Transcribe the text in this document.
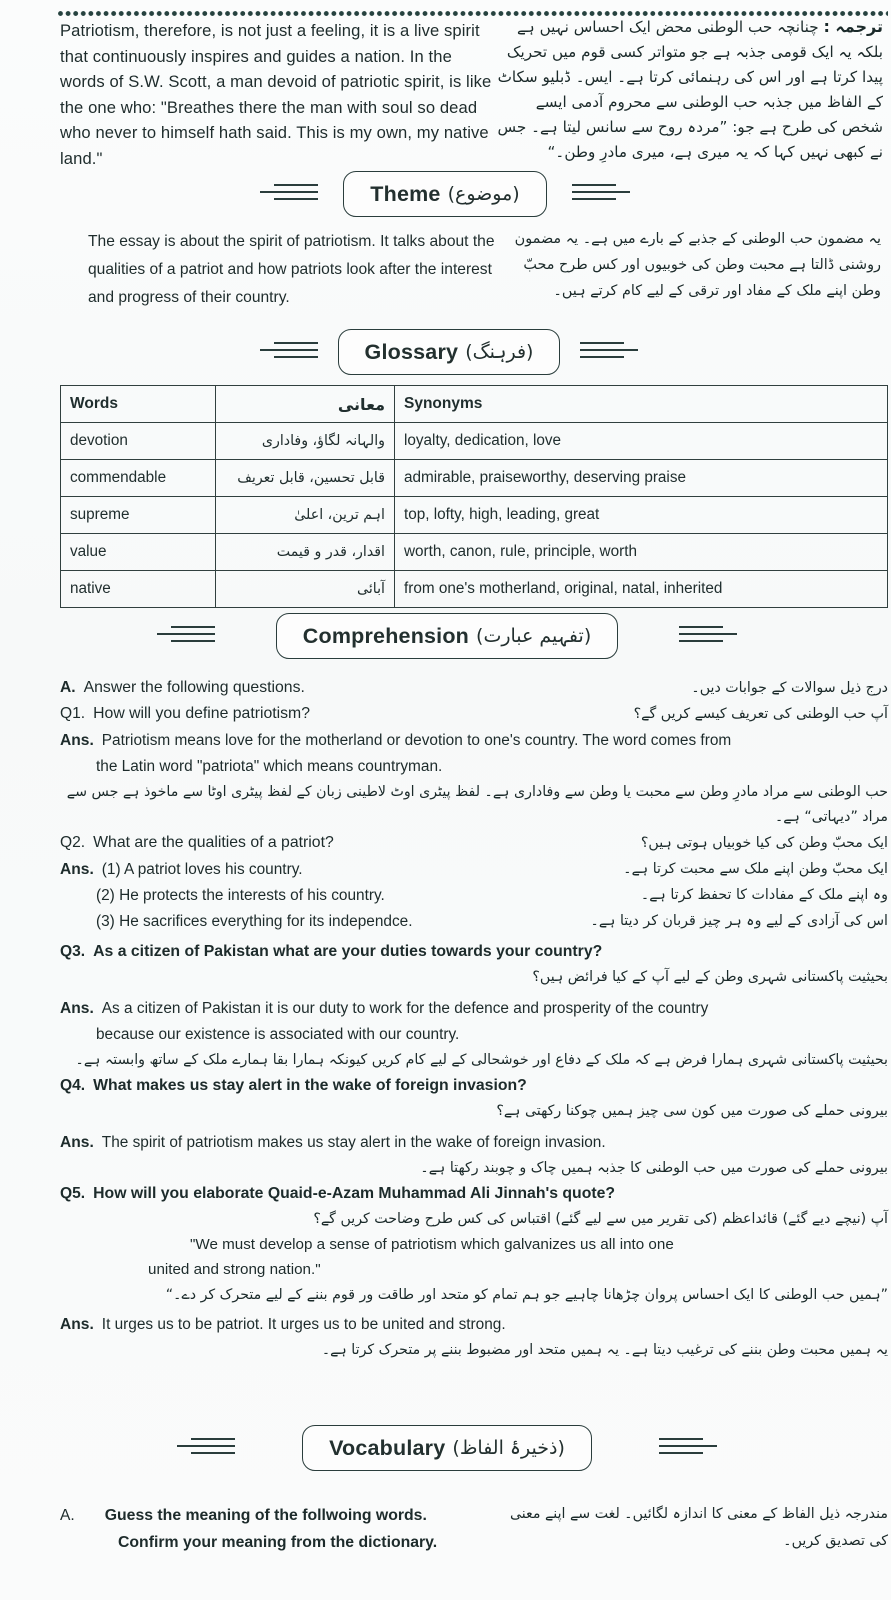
Patriotism, therefore, is not just a feeling, it is a live spirit that continuously inspires and guides a nation. In the words of S.W. Scott, a man devoid of patriotic spirit, is like the one who: "Breathes there the man with soul so dead who never to himself hath said. This is my own, my native land."
ترجمہ : چنانچہ حب الوطنی محض ایک احساس نہیں ہے بلکہ یہ ایک قومی جذبہ ہے جو متواتر کسی قوم میں تحریک پیدا کرتا ہے اور اس کی رہنمائی کرتا ہے۔ ایس۔ ڈبلیو سکاٹ کے الفاظ میں جذبہ حب الوطنی سے محروم آدمی ایسے شخص کی طرح ہے جو: ”مردہ روح سے سانس لیتا ہے۔ جس نے کبھی نہیں کہا کہ یہ میری ہے، میری مادرِ وطن۔“
Theme (موضوع)
The essay is about the spirit of patriotism. It talks about the qualities of a patriot and how patriots look after the interest and progress of their country.
یہ مضمون حب الوطنی کے جذبے کے بارے میں ہے۔ یہ مضمون روشنی ڈالتا ہے محبت وطن کی خوبیوں اور کس طرح محبّ وطن اپنے ملک کے مفاد اور ترقی کے لیے کام کرتے ہیں۔
Glossary (فرہنگ)
Words	معانی	Synonyms
devotion	والہانہ لگاؤ، وفاداری	loyalty, dedication, love
commendable	قابل تحسین، قابل تعریف	admirable, praiseworthy, deserving praise
supreme	اہم ترین، اعلیٰ	top, lofty, high, leading, great
value	اقدار، قدر و قیمت	worth, canon, rule, principle, worth
native	آبائی	from one's motherland, original, natal, inherited
Comprehension (تفہیم عبارت)
A. Answer the following questions.	درج ذیل سوالات کے جوابات دیں۔
Q1. How will you define patriotism?	آپ حب الوطنی کی تعریف کیسے کریں گے؟
Ans. Patriotism means love for the motherland or devotion to one's country. The word comes from
the Latin word "patriota" which means countryman.
حب الوطنی سے مراد مادرِ وطن سے محبت یا وطن سے وفاداری ہے۔ لفظ پیٹری اوٹ لاطینی زبان کے لفظ پیٹری اوٹا سے ماخوذ ہے جس سے مراد ”دیہاتی“ ہے۔
Q2. What are the qualities of a patriot?	ایک محبّ وطن کی کیا خوبیاں ہوتی ہیں؟
Ans. (1) A patriot loves his country.	ایک محبّ وطن اپنے ملک سے محبت کرتا ہے۔
(2) He protects the interests of his country.	وہ اپنے ملک کے مفادات کا تحفظ کرتا ہے۔
(3) He sacrifices everything for its independce.	اس کی آزادی کے لیے وہ ہر چیز قربان کر دیتا ہے۔
Q3. As a citizen of Pakistan what are your duties towards your country?
بحیثیت پاکستانی شہری وطن کے لیے آپ کے کیا فرائض ہیں؟
Ans. As a citizen of Pakistan it is our duty to work for the defence and prosperity of the country
because our existence is associated with our country.
بحیثیت پاکستانی شہری ہمارا فرض ہے کہ ملک کے دفاع اور خوشحالی کے لیے کام کریں کیونکہ ہمارا بقا ہمارے ملک کے ساتھ وابستہ ہے۔
Q4. What makes us stay alert in the wake of foreign invasion?
بیرونی حملے کی صورت میں کون سی چیز ہمیں چوکنا رکھتی ہے؟
Ans. The spirit of patriotism makes us stay alert in the wake of foreign invasion.
بیرونی حملے کی صورت میں حب الوطنی کا جذبہ ہمیں چاک و چوبند رکھتا ہے۔
Q5. How will you elaborate Quaid-e-Azam Muhammad Ali Jinnah's quote?
آپ (نیچے دیے گئے) قائداعظم (کی تقریر میں سے لیے گئے) اقتباس کی کس طرح وضاحت کریں گے؟
"We must develop a sense of patriotism which galvanizes us all into one
united and strong nation."
”ہمیں حب الوطنی کا ایک احساس پروان چڑھانا چاہیے جو ہم تمام کو متحد اور طاقت ور قوم بننے کے لیے متحرک کر دے۔“
Ans. It urges us to be patriot. It urges us to be united and strong.
یہ ہمیں محبت وطن بننے کی ترغیب دیتا ہے۔ یہ ہمیں متحد اور مضبوط بننے پر متحرک کرتا ہے۔
Vocabulary (ذخیرۂ الفاظ)
A. Guess the meaning of the follwoing words.	مندرجہ ذیل الفاظ کے معنی کا اندازہ لگائیں۔ لغت سے اپنے معنی
Confirm your meaning from the dictionary.	کی تصدیق کریں۔
